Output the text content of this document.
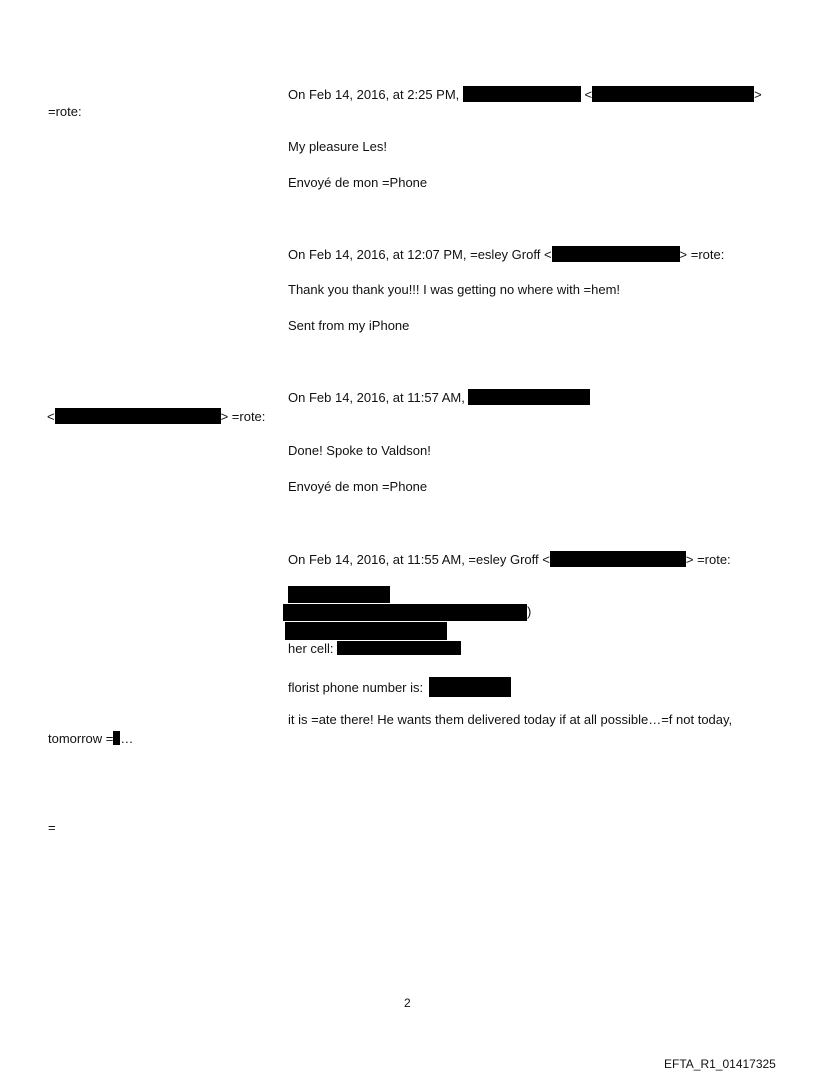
On Feb 14, 2016, at 2:25 PM,	<	>
=rote:
My pleasure Les!
Envoyé de mon =Phone
On Feb 14, 2016, at 12:07 PM, =esley Groff <	> =rote:
Thank you thank you!!! I was getting no where with =hem!
Sent from my iPhone
On Feb 14, 2016, at 11:57 AM,
<	> =rote:
Done! Spoke to Valdson!
Envoyé de mon =Phone
On Feb 14, 2016, at 11:55 AM, =esley Groff <	> =rote:
)
her cell:
florist phone number is:
it is =ate there! He wants them delivered today if at all possible…=f not today,
tomorrow = …
=
2
EFTA_R1_01417325
